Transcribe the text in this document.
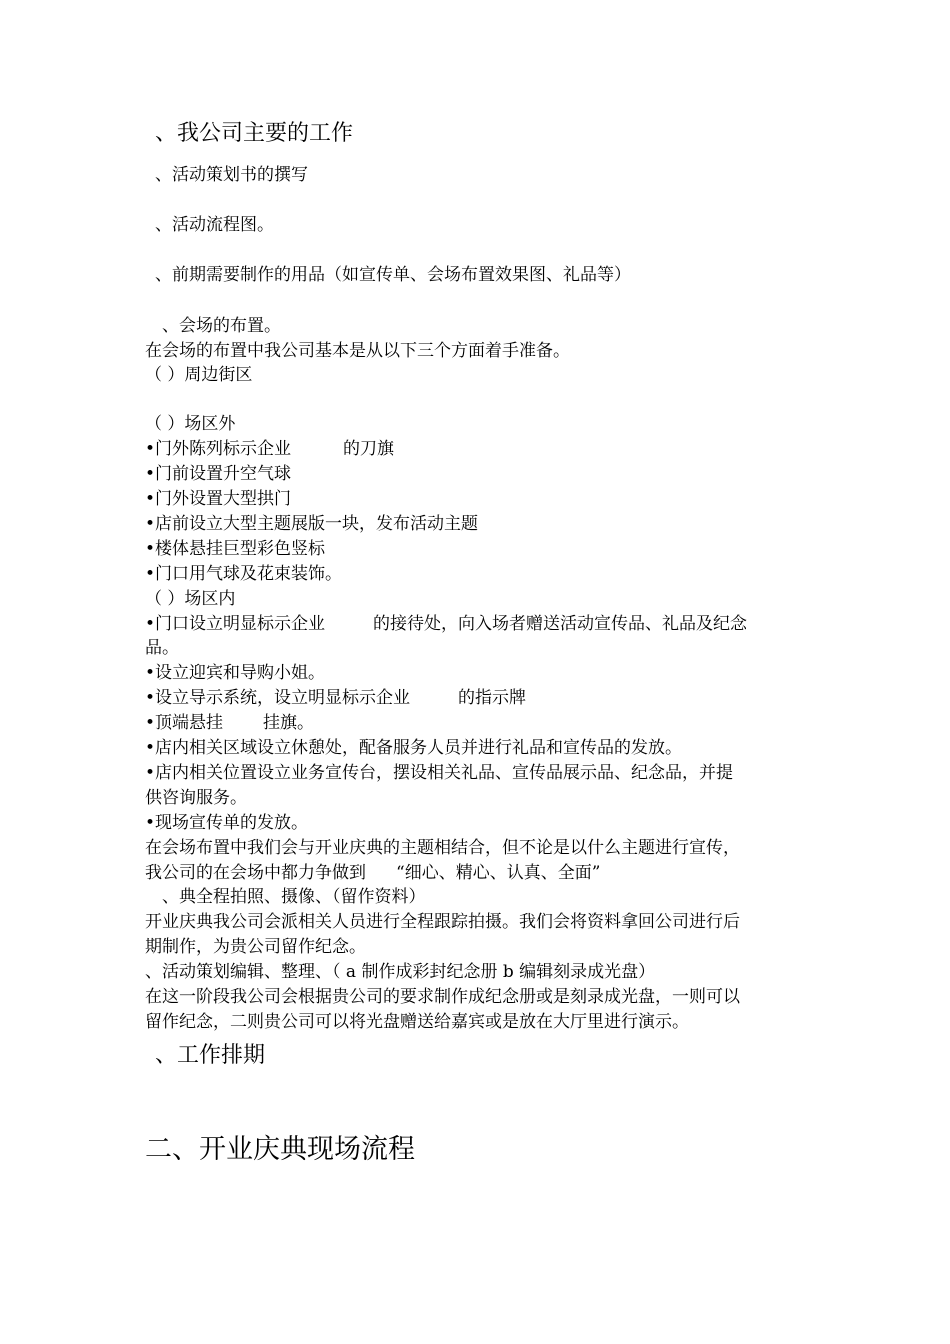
、我公司主要的工作
、活动策划书的撰写
、活动流程图。
、前期需要制作的用品（如宣传单、会场布置效果图、礼品等）
、会场的布置。
在会场的布置中我公司基本是从以下三个方面着手准备。
（ ）周边街区
（ ）场区外
•门外陈列标示企业	的刀旗
•门前设置升空气球
•门外设置大型拱门
•店前设立大型主题展版一块，发布活动主题
•楼体悬挂巨型彩色竖标
•门口用气球及花束装饰。
（ ）场区内
•门口设立明显标示企业	的接待处，向入场者赠送活动宣传品、礼品及纪念
品。
•设立迎宾和导购小姐。
•设立导示系统，设立明显标示企业	的指示牌
•顶端悬挂 挂旗。
•店内相关区域设立休憩处，配备服务人员并进行礼品和宣传品的发放。
•店内相关位置设立业务宣传台，摆设相关礼品、宣传品展示品、纪念品，并提
供咨询服务。
•现场宣传单的发放。
在会场布置中我们会与开业庆典的主题相结合，但不论是以什么主题进行宣传，
我公司的在会场中都力争做到 “细心、精心、认真、全面”
、典全程拍照、摄像、（留作资料）
开业庆典我公司会派相关人员进行全程跟踪拍摄。我们会将资料拿回公司进行后
期制作，为贵公司留作纪念。
、活动策划编辑、整理、（ a 制作成彩封纪念册 b 编辑刻录成光盘）
在这一阶段我公司会根据贵公司的要求制作成纪念册或是刻录成光盘，一则可以
留作纪念，二则贵公司可以将光盘赠送给嘉宾或是放在大厅里进行演示。
、工作排期
二、开业庆典现场流程
